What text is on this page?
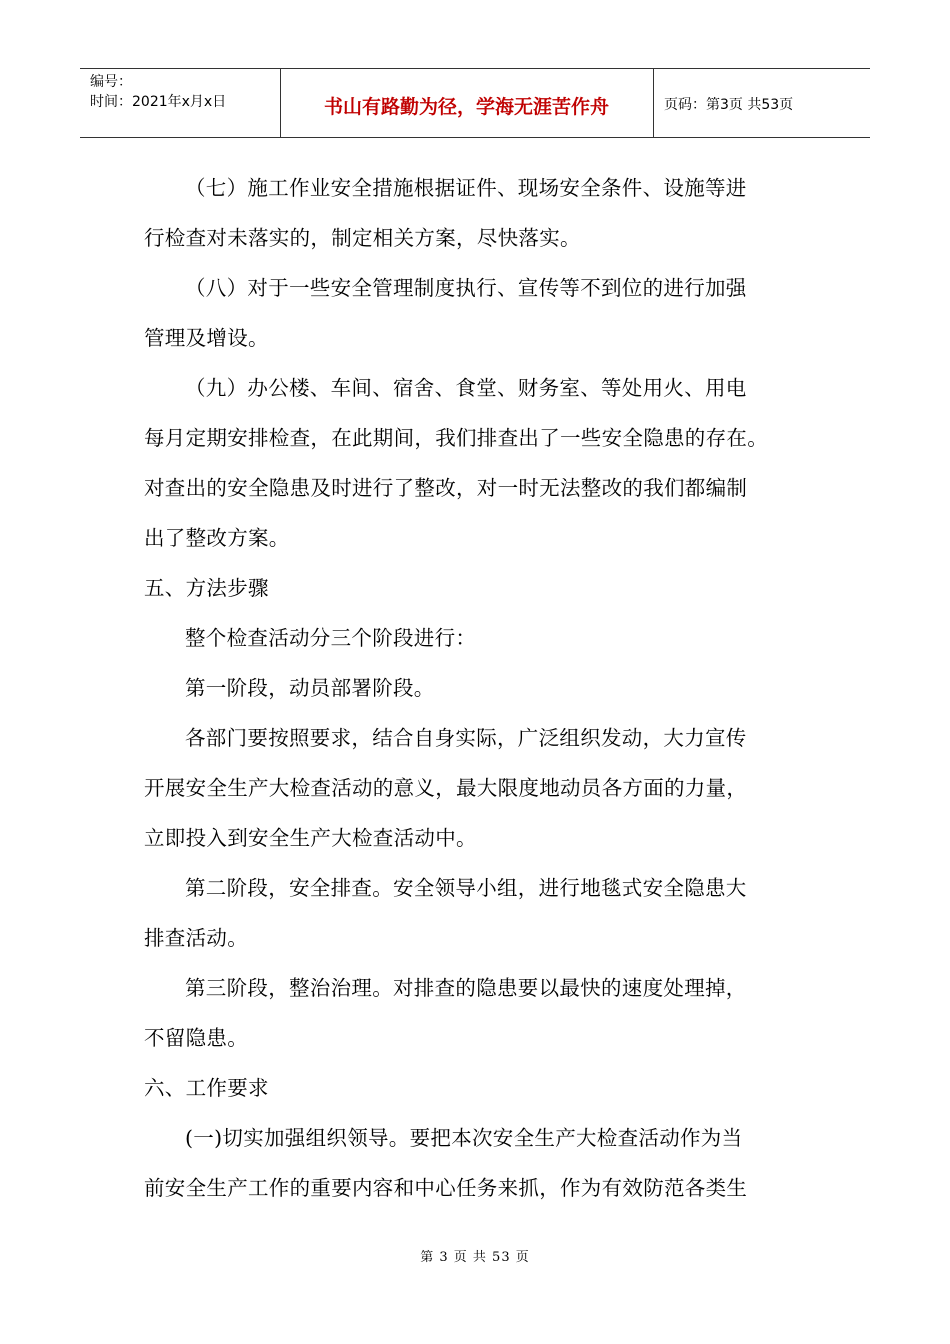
编号：
时间：2021年x月x日	书山有路勤为径，学海无涯苦作舟	页码：第3页 共53页

（七）施工作业安全措施根据证件、现场安全条件、设施等进

行检查对未落实的，制定相关方案，尽快落实。

（八）对于一些安全管理制度执行、宣传等不到位的进行加强

管理及增设。

（九）办公楼、车间、宿舍、食堂、财务室、等处用火、用电

每月定期安排检查，在此期间，我们排查出了一些安全隐患的存在。

对查出的安全隐患及时进行了整改，对一时无法整改的我们都编制

出了整改方案。

五、方法步骤

整个检查活动分三个阶段进行：

第一阶段，动员部署阶段。

各部门要按照要求，结合自身实际，广泛组织发动，大力宣传

开展安全生产大检查活动的意义，最大限度地动员各方面的力量，

立即投入到安全生产大检查活动中。

第二阶段，安全排查。安全领导小组，进行地毯式安全隐患大

排查活动。

第三阶段，整治治理。对排查的隐患要以最快的速度处理掉，

不留隐患。

六、工作要求

(一)切实加强组织领导。要把本次安全生产大检查活动作为当

前安全生产工作的重要内容和中心任务来抓，作为有效防范各类生

第 3 页 共 53 页
